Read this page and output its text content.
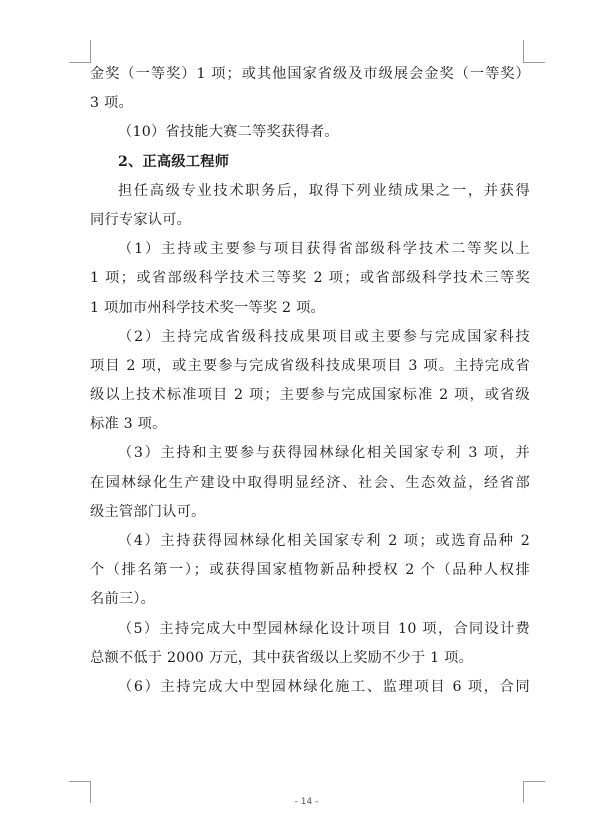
金奖（一等奖）1 项；或其他国家省级及市级展会金奖（一等奖）
3 项。
（10）省技能大赛二等奖获得者。
2、正高级工程师
担任高级专业技术职务后，取得下列业绩成果之一，并获得
同行专家认可。
（1）主持或主要参与项目获得省部级科学技术二等奖以上
1 项；或省部级科学技术三等奖 2 项；或省部级科学技术三等奖
1 项加市州科学技术奖一等奖 2 项。
（2）主持完成省级科技成果项目或主要参与完成国家科技
项目 2 项，或主要参与完成省级科技成果项目 3 项。主持完成省
级以上技术标准项目 2 项；主要参与完成国家标准 2 项，或省级
标准 3 项。
（3）主持和主要参与获得园林绿化相关国家专利 3 项，并
在园林绿化生产建设中取得明显经济、社会、生态效益，经省部
级主管部门认可。
（4）主持获得园林绿化相关国家专利 2 项；或选育品种 2
个（排名第一）；或获得国家植物新品种授权 2 个（品种人权排
名前三）。
（5）主持完成大中型园林绿化设计项目 10 项，合同设计费
总额不低于 2000 万元，其中获省级以上奖励不少于 1 项。
（6）主持完成大中型园林绿化施工、监理项目 6 项，合同
- 14 -
